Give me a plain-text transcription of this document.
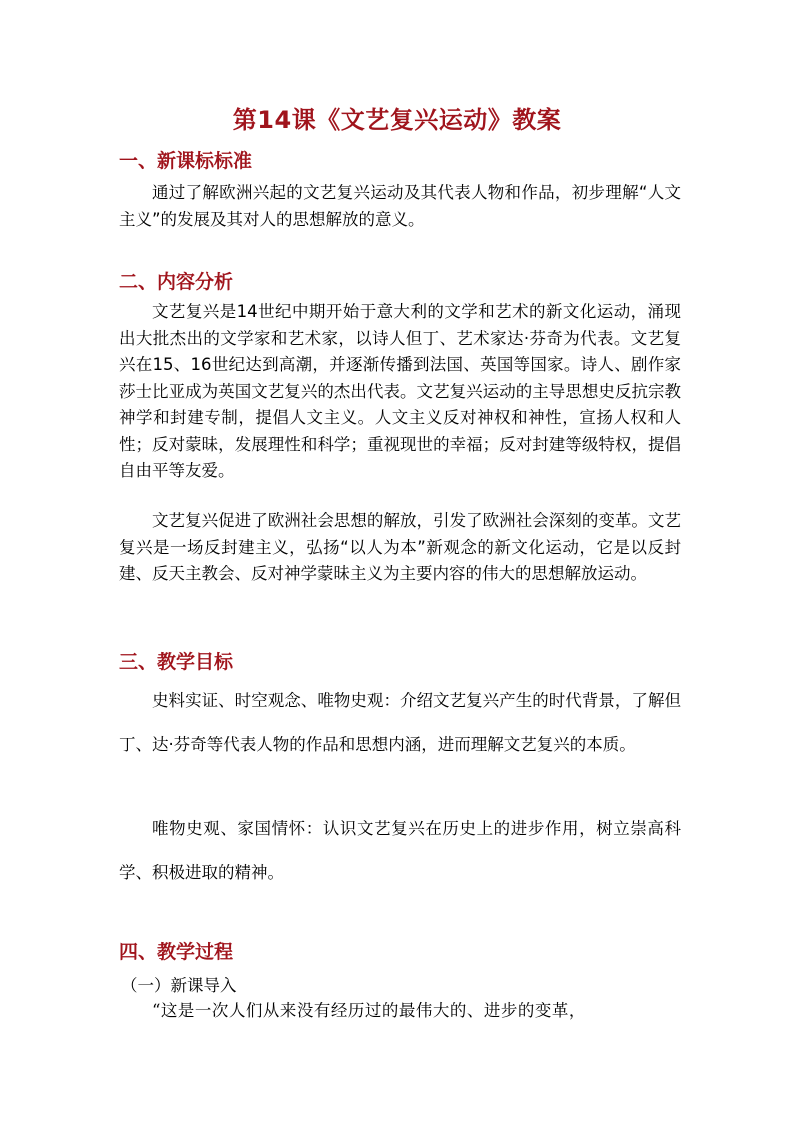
第14课《文艺复兴运动》教案
一、新课标标准

通过了解欧洲兴起的文艺复兴运动及其代表人物和作品，初步理解“人文主义”的发展及其对人的思想解放的意义。

二、内容分析

文艺复兴是14世纪中期开始于意大利的文学和艺术的新文化运动，涌现出大批杰出的文学家和艺术家，以诗人但丁、艺术家达·芬奇为代表。文艺复兴在15、16世纪达到高潮，并逐渐传播到法国、英国等国家。诗人、剧作家莎士比亚成为英国文艺复兴的杰出代表。文艺复兴运动的主导思想史反抗宗教神学和封建专制，提倡人文主义。人文主义反对神权和神性，宣扬人权和人性；反对蒙昧，发展理性和科学；重视现世的幸福；反对封建等级特权，提倡自由平等友爱。

文艺复兴促进了欧洲社会思想的解放，引发了欧洲社会深刻的变革。文艺复兴是一场反封建主义，弘扬“以人为本”新观念的新文化运动，它是以反封建、反天主教会、反对神学蒙昧主义为主要内容的伟大的思想解放运动。

三、教学目标

史料实证、时空观念、唯物史观：介绍文艺复兴产生的时代背景，了解但丁、达·芬奇等代表人物的作品和思想内涵，进而理解文艺复兴的本质。

唯物史观、家国情怀：认识文艺复兴在历史上的进步作用，树立崇高科学、积极进取的精神。

四、教学过程
（一）新课导入
“这是一次人们从来没有经历过的最伟大的、进步的变革，
